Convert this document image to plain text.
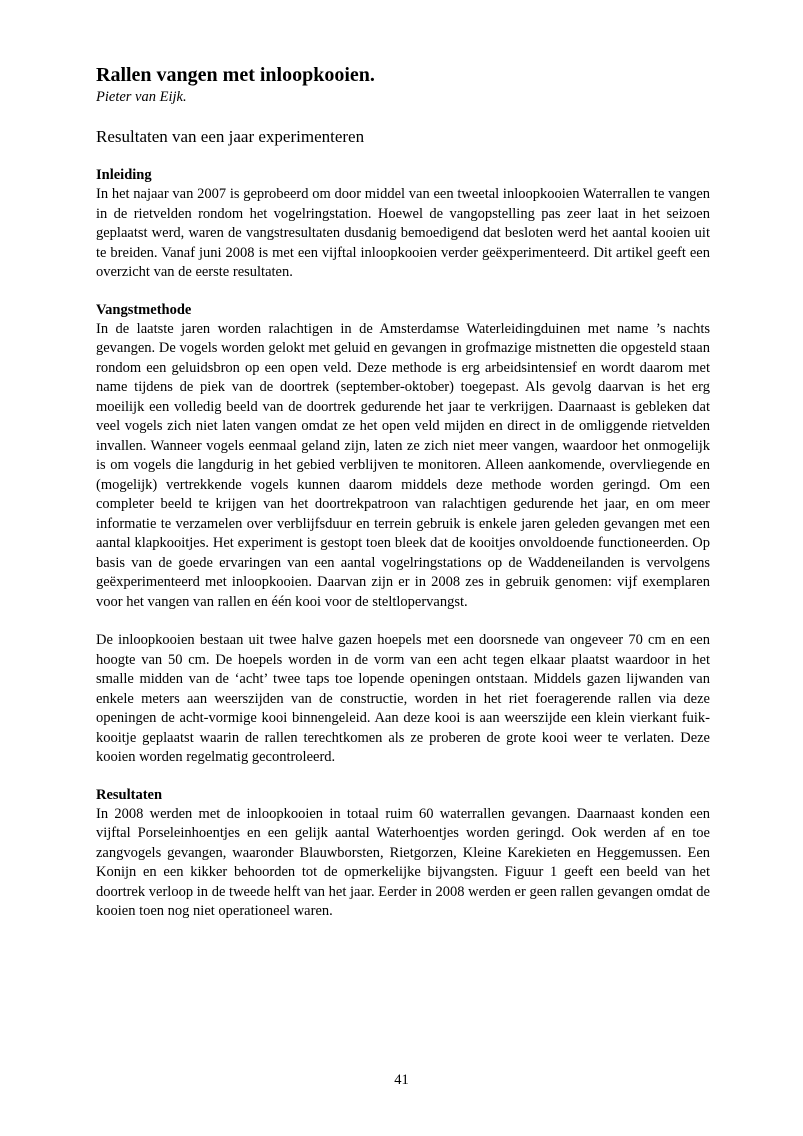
Rallen vangen met inloopkooien.

Pieter van Eijk.

Resultaten van een jaar experimenteren

Inleiding

In het najaar van 2007 is geprobeerd om door middel van een tweetal inloopkooien Waterrallen te vangen in de rietvelden rondom het vogelringstation. Hoewel de vangopstelling pas zeer laat in het seizoen geplaatst werd, waren de vangstresultaten dusdanig bemoedigend dat besloten werd het aantal kooien uit te breiden. Vanaf juni 2008 is met een vijftal inloopkooien verder geëxperimenteerd. Dit artikel geeft een overzicht van de eerste resultaten.

Vangstmethode

In de laatste jaren worden ralachtigen in de Amsterdamse Waterleidingduinen met name ’s nachts gevangen. De vogels worden gelokt met geluid en gevangen in grofmazige mistnetten die opgesteld staan rondom een geluidsbron op een open veld. Deze methode is erg arbeidsintensief en wordt daarom met name tijdens de piek van de doortrek (september-oktober) toegepast. Als gevolg daarvan is het erg moeilijk een volledig beeld van de doortrek gedurende het jaar te verkrijgen. Daarnaast is gebleken dat veel vogels zich niet laten vangen omdat ze het open veld mijden en direct in de omliggende rietvelden invallen. Wanneer vogels eenmaal geland zijn, laten ze zich niet meer vangen, waardoor het onmogelijk is om vogels die langdurig in het gebied verblijven te monitoren. Alleen aankomende, overvliegende en (mogelijk) vertrekkende vogels kunnen daarom middels deze methode worden geringd. Om een completer beeld te krijgen van het doortrekpatroon van ralachtigen gedurende het jaar, en om meer informatie te verzamelen over verblijfsduur en terrein gebruik is enkele jaren geleden gevangen met een aantal klapkooitjes. Het experiment is gestopt toen bleek dat de kooitjes onvoldoende functioneerden. Op basis van de goede ervaringen van een aantal vogelringstations op de Waddeneilanden is vervolgens geëxperimenteerd met inloopkooien. Daarvan zijn er in 2008 zes in gebruik genomen: vijf exemplaren voor het vangen van rallen en één kooi voor de steltlopervangst.

De inloopkooien bestaan uit twee halve gazen hoepels met een doorsnede van ongeveer 70 cm en een hoogte van 50 cm. De hoepels worden in de vorm van een acht tegen elkaar plaatst waardoor in het smalle midden van de ‘acht’ twee taps toe lopende openingen ontstaan. Middels gazen lijwanden van enkele meters aan weerszijden van de constructie, worden in het riet foeragerende rallen via deze openingen de acht-vormige kooi binnengeleid. Aan deze kooi is aan weerszijde een klein vierkant fuik-kooitje geplaatst waarin de rallen terechtkomen als ze proberen de grote kooi weer te verlaten. Deze kooien worden regelmatig gecontroleerd.

Resultaten

In 2008 werden met de inloopkooien in totaal ruim 60 waterrallen gevangen. Daarnaast konden een vijftal Porseleinhoentjes en een gelijk aantal Waterhoentjes worden geringd. Ook werden af en toe zangvogels gevangen, waaronder Blauwborsten, Rietgorzen, Kleine Karekieten en Heggemussen. Een Konijn en een kikker behoorden tot de opmerkelijke bijvangsten. Figuur 1 geeft een beeld van het doortrek verloop in de tweede helft van het jaar. Eerder in 2008 werden er geen rallen gevangen omdat de kooien toen nog niet operationeel waren.

41
